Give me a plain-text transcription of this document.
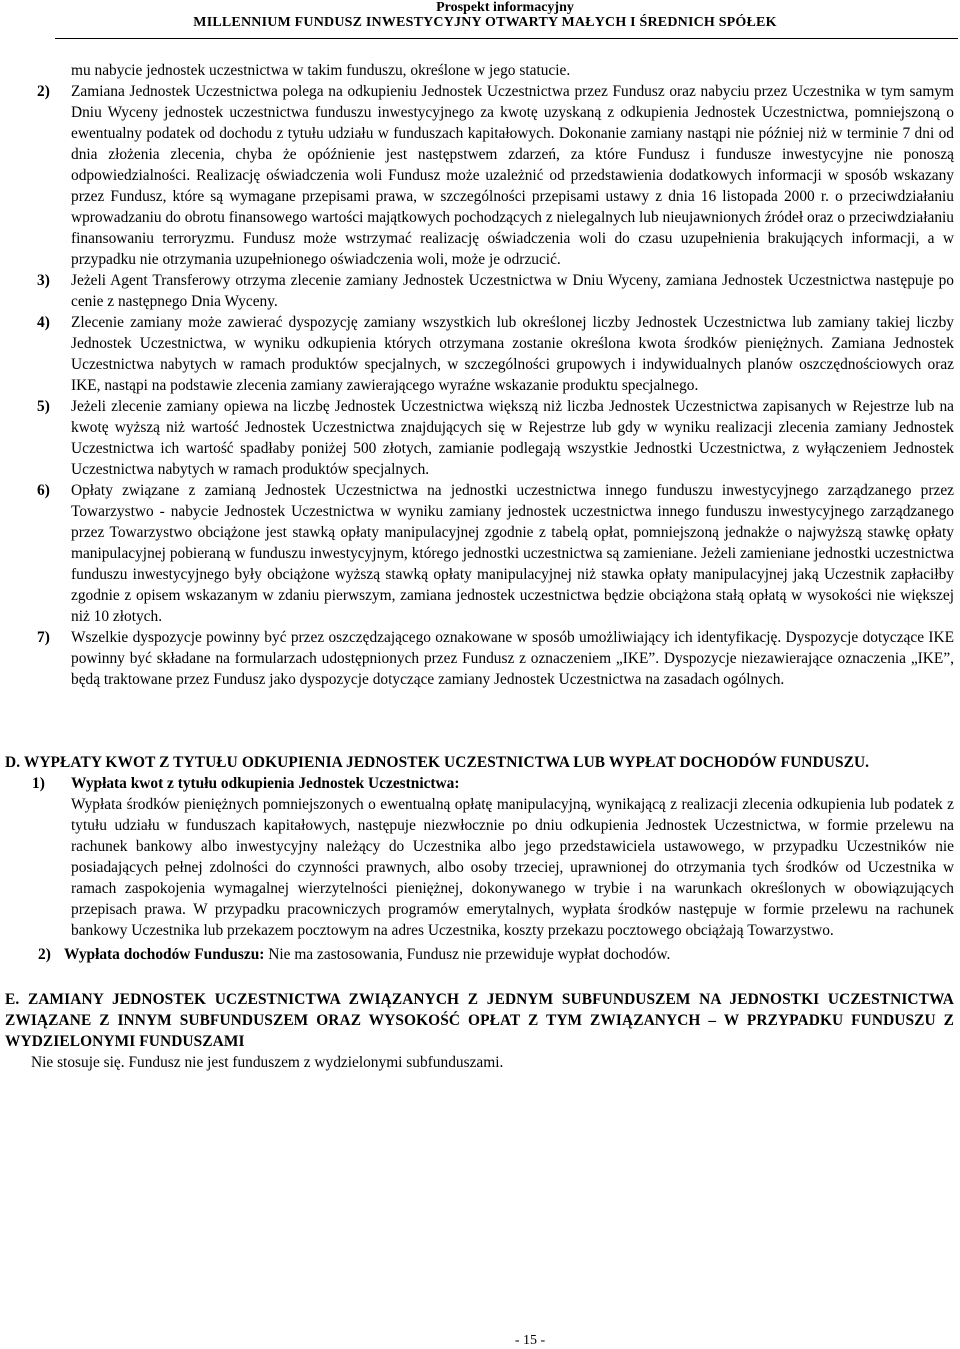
Prospekt informacyjny
MILLENNIUM FUNDUSZ INWESTYCYJNY OTWARTY MAŁYCH I ŚREDNICH SPÓŁEK

mu nabycie jednostek uczestnictwa w takim funduszu, określone w jego statucie.

2) Zamiana Jednostek Uczestnictwa polega na odkupieniu Jednostek Uczestnictwa przez Fundusz oraz nabyciu przez Uczestnika w tym samym Dniu Wyceny jednostek uczestnictwa funduszu inwestycyjnego za kwotę uzyskaną z odkupienia Jednostek Uczestnictwa, pomniejszoną o ewentualny podatek od dochodu z tytułu udziału w funduszach kapitałowych. Dokonanie zamiany nastąpi nie później niż w terminie 7 dni od dnia złożenia zlecenia, chyba że opóźnienie jest następstwem zdarzeń, za które Fundusz i fundusze inwestycyjne nie ponoszą odpowiedzialności. Realizację oświadczenia woli Fundusz może uzależnić od przedstawienia dodatkowych informacji w sposób wskazany przez Fundusz, które są wymagane przepisami prawa, w szczególności przepisami ustawy z dnia 16 listopada 2000 r. o przeciwdziałaniu wprowadzaniu do obrotu finansowego wartości majątkowych pochodzących z nielegalnych lub nieujawnionych źródeł oraz o przeciwdziałaniu finansowaniu terroryzmu. Fundusz może wstrzymać realizację oświadczenia woli do czasu uzupełnienia brakujących informacji, a w przypadku nie otrzymania uzupełnionego oświadczenia woli, może je odrzucić.

3) Jeżeli Agent Transferowy otrzyma zlecenie zamiany Jednostek Uczestnictwa w Dniu Wyceny, zamiana Jednostek Uczestnictwa następuje po cenie z następnego Dnia Wyceny.

4) Zlecenie zamiany może zawierać dyspozycję zamiany wszystkich lub określonej liczby Jednostek Uczestnictwa lub zamiany takiej liczby Jednostek Uczestnictwa, w wyniku odkupienia których otrzymana zostanie określona kwota środków pieniężnych. Zamiana Jednostek Uczestnictwa nabytych w ramach produktów specjalnych, w szczególności grupowych i indywidualnych planów oszczędnościowych oraz IKE, nastąpi na podstawie zlecenia zamiany zawierającego wyraźne wskazanie produktu specjalnego.

5) Jeżeli zlecenie zamiany opiewa na liczbę Jednostek Uczestnictwa większą niż liczba Jednostek Uczestnictwa zapisanych w Rejestrze lub na kwotę wyższą niż wartość Jednostek Uczestnictwa znajdujących się w Rejestrze lub gdy w wyniku realizacji zlecenia zamiany Jednostek Uczestnictwa ich wartość spadłaby poniżej 500 złotych, zamianie podlegają wszystkie Jednostki Uczestnictwa, z wyłączeniem Jednostek Uczestnictwa nabytych w ramach produktów specjalnych.

6) Opłaty związane z zamianą Jednostek Uczestnictwa na jednostki uczestnictwa innego funduszu inwestycyjnego zarządzanego przez Towarzystwo - nabycie Jednostek Uczestnictwa w wyniku zamiany jednostek uczestnictwa innego funduszu inwestycyjnego zarządzanego przez Towarzystwo obciążone jest stawką opłaty manipulacyjnej zgodnie z tabelą opłat, pomniejszoną jednakże o najwyższą stawkę opłaty manipulacyjnej pobieraną w funduszu inwestycyjnym, którego jednostki uczestnictwa są zamieniane. Jeżeli zamieniane jednostki uczestnictwa funduszu inwestycyjnego były obciążone wyższą stawką opłaty manipulacyjnej niż stawka opłaty manipulacyjnej jaką Uczestnik zapłaciłby zgodnie z opisem wskazanym w zdaniu pierwszym, zamiana jednostek uczestnictwa będzie obciążona stałą opłatą w wysokości nie większej niż 10 złotych.

7) Wszelkie dyspozycje powinny być przez oszczędzającego oznakowane w sposób umożliwiający ich identyfikację. Dyspozycje dotyczące IKE powinny być składane na formularzach udostępnionych przez Fundusz z oznaczeniem „IKE”. Dyspozycje niezawierające oznaczenia „IKE”, będą traktowane przez Fundusz jako dyspozycje dotyczące zamiany Jednostek Uczestnictwa na zasadach ogólnych.

D. WYPŁATY KWOT Z TYTUŁU ODKUPIENIA JEDNOSTEK UCZESTNICTWA LUB WYPŁAT DOCHODÓW FUNDUSZU.

1) Wypłata kwot z tytułu odkupienia Jednostek Uczestnictwa:

Wypłata środków pieniężnych pomniejszonych o ewentualną opłatę manipulacyjną, wynikającą z realizacji zlecenia odkupienia lub podatek z tytułu udziału w funduszach kapitałowych, następuje niezwłocznie po dniu odkupienia Jednostek Uczestnictwa, w formie przelewu na rachunek bankowy albo inwestycyjny należący do Uczestnika albo jego przedstawiciela ustawowego, w przypadku Uczestników nie posiadających pełnej zdolności do czynności prawnych, albo osoby trzeciej, uprawnionej do otrzymania tych środków od Uczestnika w ramach zaspokojenia wymagalnej wierzytelności pieniężnej, dokonywanego w trybie i na warunkach określonych w obowiązujących przepisach prawa. W przypadku pracowniczych programów emerytalnych, wypłata środków następuje w formie przelewu na rachunek bankowy Uczestnika lub przekazem pocztowym na adres Uczestnika, koszty przekazu pocztowego obciążają Towarzystwo.

2) Wypłata dochodów Funduszu: Nie ma zastosowania, Fundusz nie przewiduje wypłat dochodów.

E. ZAMIANY JEDNOSTEK UCZESTNICTWA ZWIĄZANYCH Z JEDNYM SUBFUNDUSZEM NA JEDNOSTKI UCZESTNICTWA ZWIĄZANE Z INNYM SUBFUNDUSZEM ORAZ WYSOKOŚĆ OPŁAT Z TYM ZWIĄZANYCH – W PRZYPADKU FUNDUSZU Z WYDZIELONYMI FUNDUSZAMI

Nie stosuje się. Fundusz nie jest funduszem z wydzielonymi subfunduszami.

- 15 -
